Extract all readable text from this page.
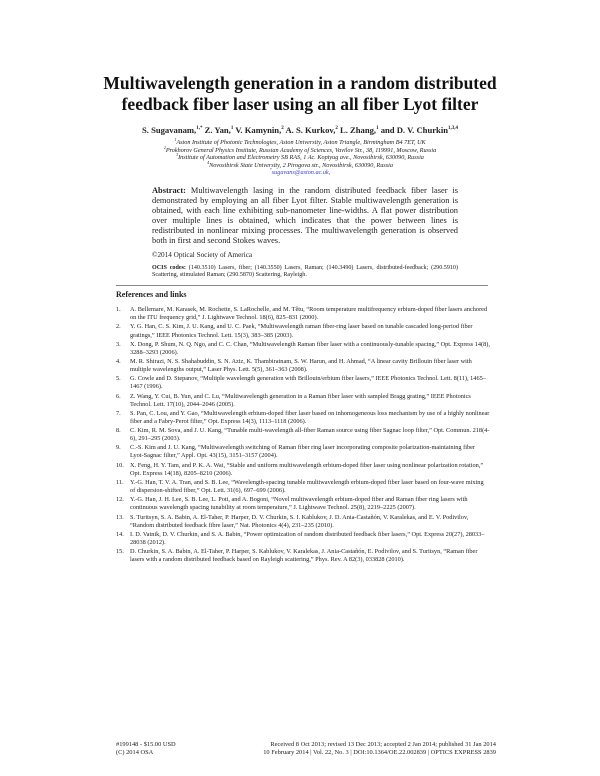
Multiwavelength generation in a random distributed feedback fiber laser using an all fiber Lyot filter
S. Sugavanam,$^{1,*}$ Z. Yan,$^1$ V. Kamynin,$^2$ A. S. Kurkov,$^2$ L. Zhang,$^1$ and D. V. Churkin$^{1,3,4}$
$^1$Aston Institute of Photonic Technologies, Aston University, Aston Triangle, Birmingham B4 7ET, UK
$^2$Prokhorov General Physics Institute, Russian Academy of Sciences, Vavilov Str., 38, 119991, Moscow, Russia
$^3$Institute of Automation and Electrometry SB RAS, 1 Ac. Koptyug ave., Novosibirsk, 630090, Russia
$^4$Novosibirsk State University, 2 Pirogova str., Novosibirsk, 630090, Russia
*sugavans@aston.ac.uk,
Abstract: Multiwavelength lasing in the random distributed feedback fiber laser is demonstrated by employing an all fiber Lyot filter. Stable multiwavelength generation is obtained, with each line exhibiting sub-nanometer line-widths. A flat power distribution over multiple lines is obtained, which indicates that the power between lines is redistributed in nonlinear mixing processes. The multiwavelength generation is observed both in first and second Stokes waves.
©2014 Optical Society of America
OCIS codes: (140.3510) Lasers, fiber; (140.3550) Lasers, Raman; (140.3490) Lasers, distributed-feedback; (290.5910) Scattering, stimulated Raman; (290.5870) Scattering, Rayleigh.
References and links
1.	A. Bellemare, M. Karasek, M. Rochette, S. LaRochelle, and M. Têtu, “Room temperature multifrequency erbium-doped fiber lasers anchored on the ITU frequency grid,” J. Lightwave Technol. 18(6), 825–831 (2000).
2.	Y. G. Han, C. S. Kim, J. U. Kang, and U. C. Paek, “Multiwavelength raman fiber-ring laser based on tunable cascaded long-period fiber gratings,” IEEE Photonics Technol. Lett. 15(3), 383–385 (2003).
3.	X. Dong, P. Shum, N. Q. Ngo, and C. C. Chan, “Multiwavelength Raman fiber laser with a continuously-tunable spacing,” Opt. Express 14(8), 3288–3293 (2006).
4.	M. R. Shirazi, N. S. Shahabuddin, S. N. Aziz, K. Thambiratnam, S. W. Harun, and H. Ahmad, “A linear cavity Brillouin fiber laser with multiple wavelengths output,” Laser Phys. Lett. 5(5), 361–363 (2008).
5.	G. Cowle and D. Stepanov, “Multiple wavelength generation with Brillouin/erbium fiber lasers,” IEEE Photonics Technol. Lett. 8(11), 1465–1467 (1996).
6.	Z. Wang, Y. Cui, B. Yun, and C. Lu, “Multiwavelength generation in a Raman fiber laser with sampled Bragg grating,” IEEE Photonics Technol. Lett. 17(10), 2044–2046 (2005).
7.	S. Pan, C. Lou, and Y. Gao, “Multiwavelength erbium-doped fiber laser based on inhomogeneous loss mechanism by use of a highly nonlinear fiber and a Fabry-Perot filter,” Opt. Express 14(3), 1113–1118 (2006).
8.	C. Kim, R. M. Sova, and J. U. Kang, “Tunable multi-wavelength all-fiber Raman source using fiber Sagnac loop filter,” Opt. Commun. 218(4-6), 291–295 (2003).
9.	C.-S. Kim and J. U. Kang, “Multiwavelength switching of Raman fiber ring laser incorporating composite polarization-maintaining fiber Lyot-Sagnac filter,” Appl. Opt. 43(15), 3151–3157 (2004).
10. X. Feng, H. Y. Tam, and P. K. A. Wai, “Stable and uniform multiwavelength erbium-doped fiber laser using nonlinear polarization rotation,” Opt. Express 14(18), 8205–8210 (2006).
11.	Y.-G. Han, T. V. A. Tran, and S. B. Lee, “Wavelength-spacing tunable multiwavelength erbium-doped fiber laser based on four-wave mixing of dispersion-shifted fiber,” Opt. Lett. 31(6), 697–699 (2006).
12. Y.-G. Han, J. H. Lee, S. B. Lee, L. Poti, and A. Bogoni, “Novel multiwavelength erbium-doped fiber and Raman fiber ring lasers with continuous wavelength spacing tunability at room temperature,” J. Lightwave Technol. 25(8), 2219–2225 (2007).
13. S. Turitsyn, S. A. Babin, A. El-Taher, P. Harper, D. V. Churkin, S. I. Kablukov, J. D. Ania-Castañón, V. Karalekas, and E. V. Podivilov, “Random distributed feedback fibre laser,” Nat. Photonics 4(4), 231–235 (2010).
14. I. D. Vatnik, D. V. Churkin, and S. A. Babin, “Power optimization of random distributed feedback fiber lasers,” Opt. Express 20(27), 28033–28038 (2012).
15. D. Churkin, S. A. Babin, A. El-Taher, P. Harper, S. Kablukov, V. Karalekas, J. Ania-Castañón, E. Podivilov, and S. Turitsyn, “Raman fiber lasers with a random distributed feedback based on Rayleigh scattering,” Phys. Rev. A 82(3), 033828 (2010).
#199148 - $15.00 USD	Received 8 Oct 2013; revised 13 Dec 2013; accepted 2 Jan 2014; published 31 Jan 2014
(C) 2014 OSA	10 February 2014 | Vol. 22, No. 3 | DOI:10.1364/OE.22.002839 | OPTICS EXPRESS 2839
